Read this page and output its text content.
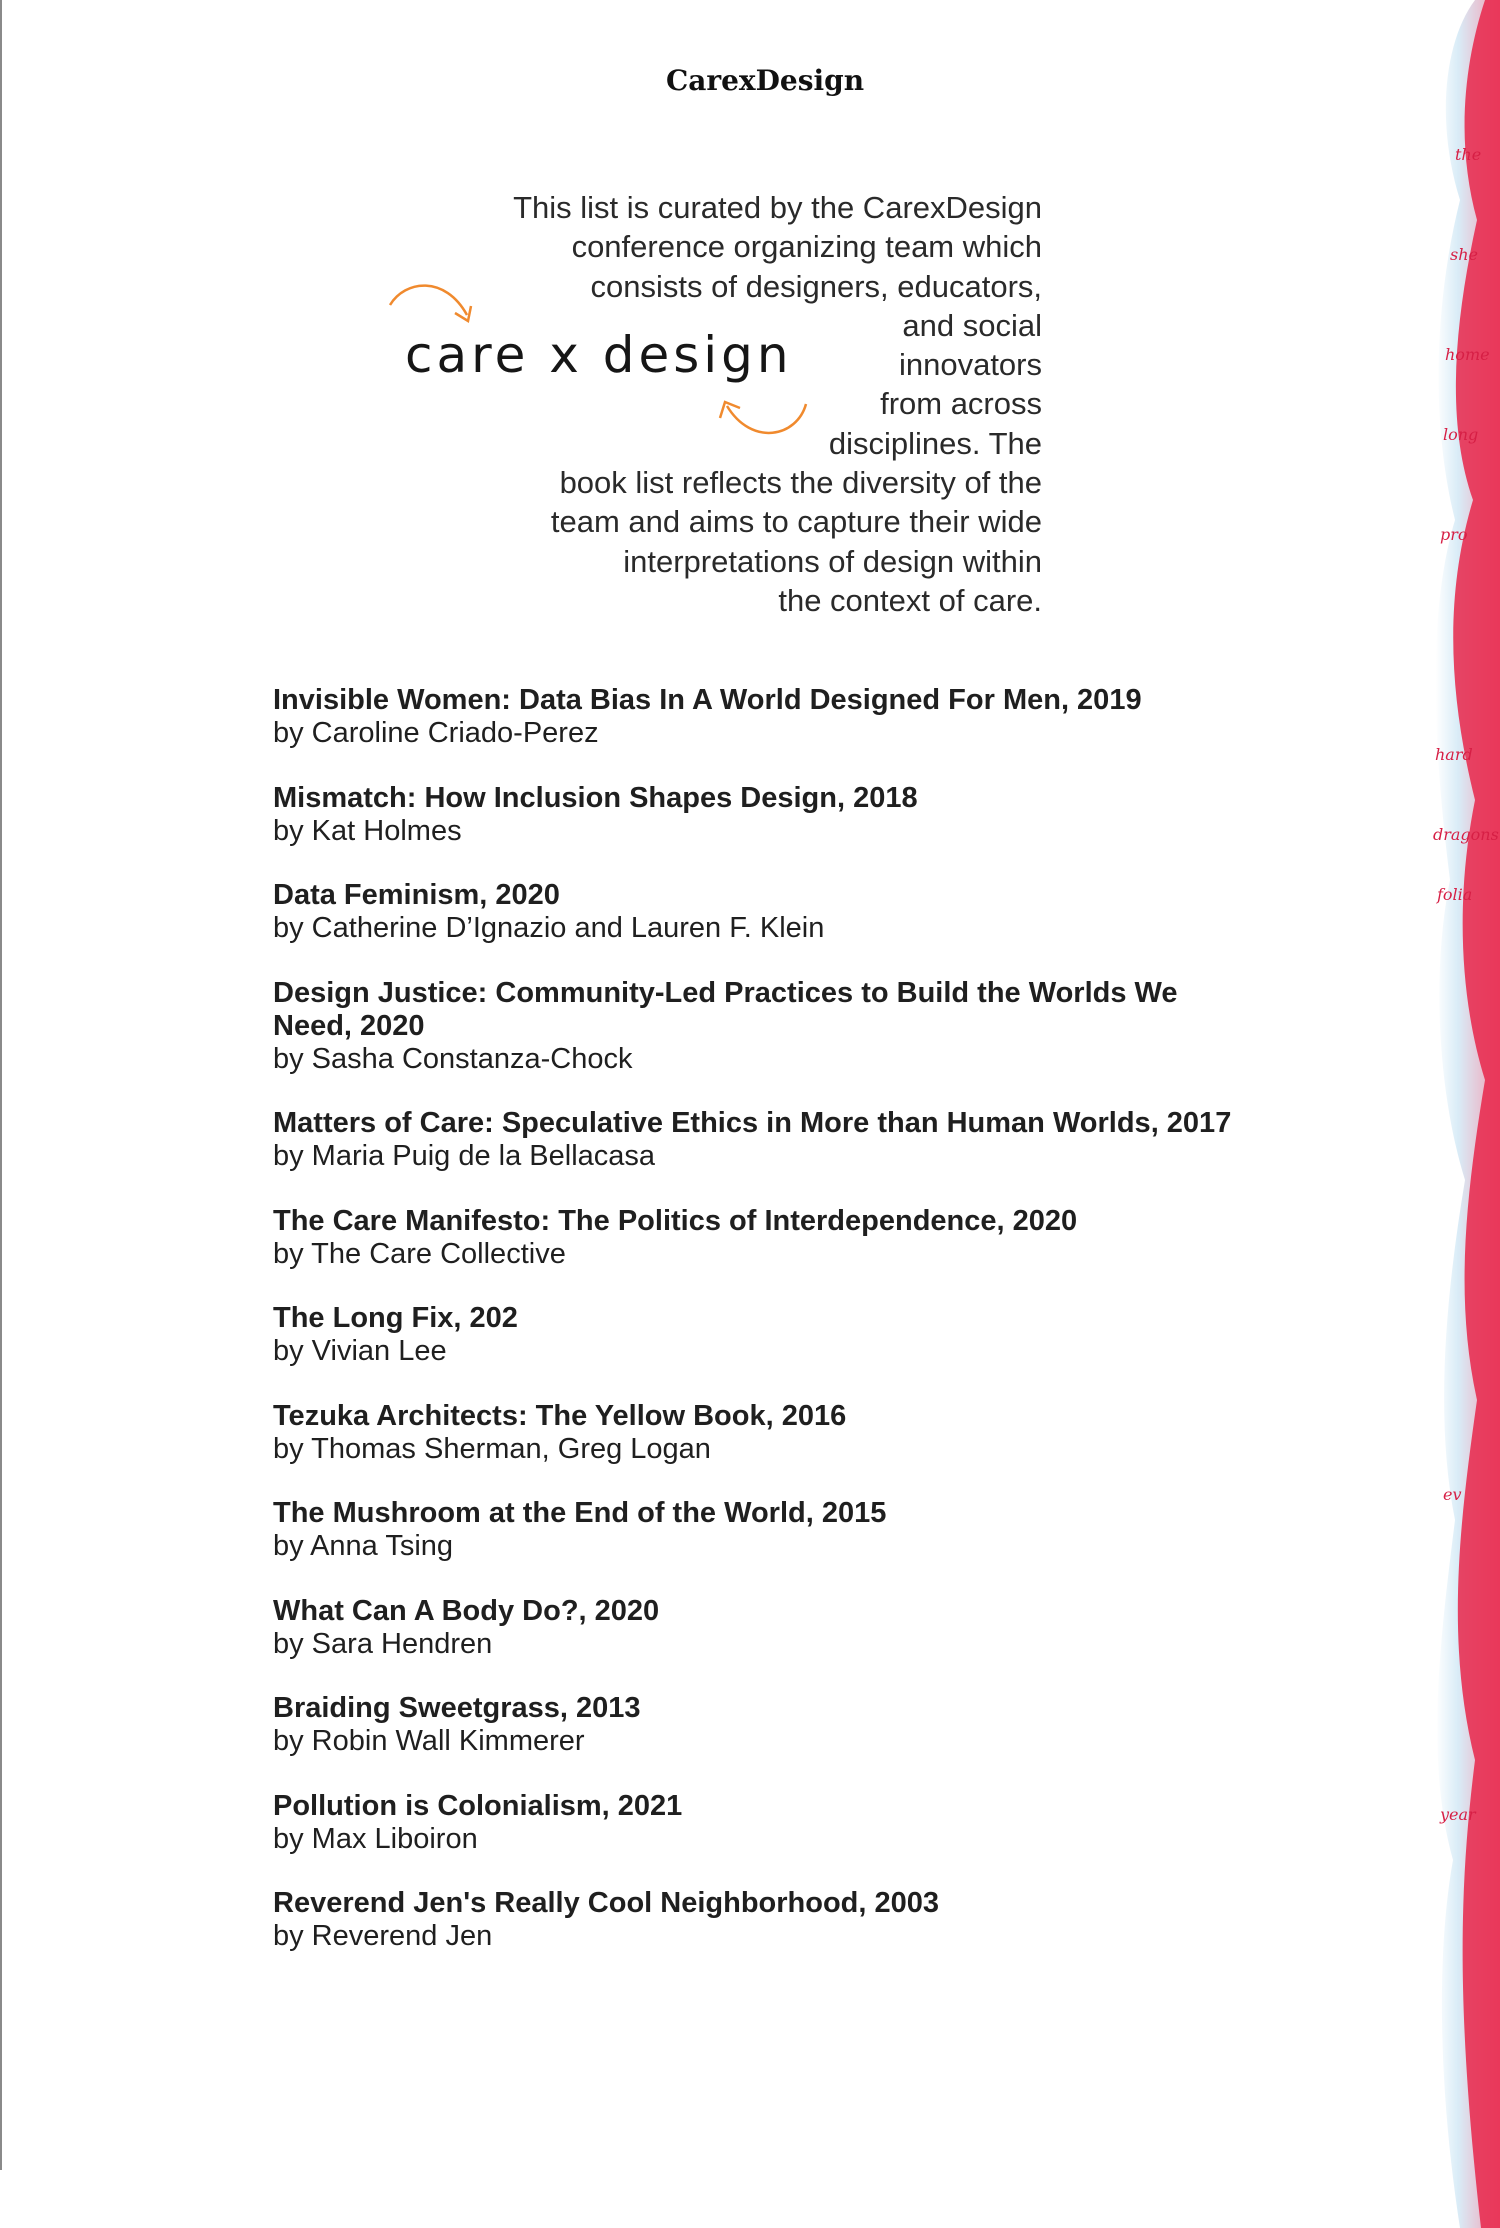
CarexDesign
care x design
This list is curated by the CarexDesign
conference organizing team which
consists of designers, educators,
and social
innovators
from across
disciplines. The
book list reflects the diversity of the
team and aims to capture their wide
interpretations of design within
the context of care.
Invisible Women: Data Bias In A World Designed For Men, 2019
by Caroline Criado-Perez
Mismatch: How Inclusion Shapes Design, 2018
by Kat Holmes
Data Feminism, 2020
by Catherine D’Ignazio and Lauren F. Klein
Design Justice: Community-Led Practices to Build the Worlds We Need, 2020
by Sasha Constanza-Chock
Matters of Care: Speculative Ethics in More than Human Worlds, 2017
by Maria Puig de la Bellacasa
The Care Manifesto: The Politics of Interdependence, 2020
by The Care Collective
The Long Fix, 202
by Vivian Lee
Tezuka Architects: The Yellow Book, 2016
by Thomas Sherman, Greg Logan
The Mushroom at the End of the World, 2015
by Anna Tsing
What Can A Body Do?, 2020
by Sara Hendren
Braiding Sweetgrass, 2013
by Robin Wall Kimmerer
Pollution is Colonialism, 2021
by Max Liboiron
Reverend Jen's Really Cool Neighborhood, 2003
by Reverend Jen
the
she
home
long
pro
hard
dragons
folia
ev
year
